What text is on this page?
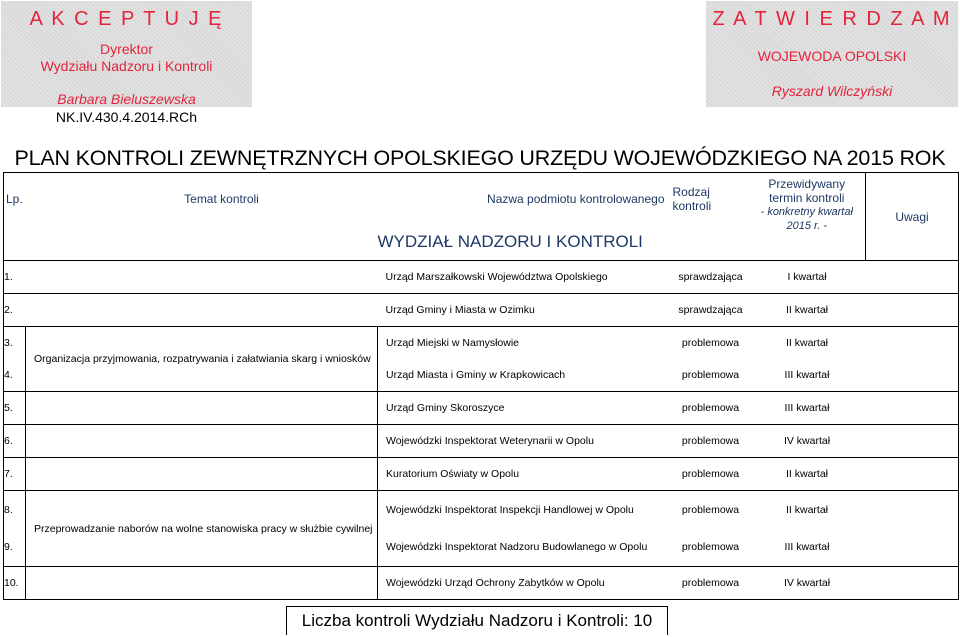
A K C E P T U J Ę
Dyrektor
Wydziału Nadzoru i Kontroli
Barbara Bieluszewska
NK.IV.430.4.2014.RCh
Z A T W I E R D Z A M
WOJEWODA OPOLSKI
Ryszard Wilczyński
PLAN KONTROLI ZEWNĘTRZNYCH OPOLSKIEGO URZĘDU WOJEWÓDZKIEGO NA 2015 ROK
Lp.	Temat kontroli	Nazwa podmiotu kontrolowanego	Rodzaj kontroli	Przewidywany
termin kontroli
- konkretny kwartał
2015 r. -	Uwagi
		WYDZIAŁ NADZORU I KONTROLI			
1.		Urząd Marszałkowski Województwa Opolskiego	sprawdzająca	I kwartał	
2.		Urząd Gminy i Miasta w Ozimku	sprawdzająca	II kwartał	
3.	Organizacja przyjmowania, rozpatrywania i załatwiania skarg i wniosków	Urząd Miejski w Namysłowie	problemowa	II kwartał	
4.		Urząd Miasta i Gminy w Krapkowicach	problemowa	III kwartał	
5.		Urząd Gminy Skoroszyce	problemowa	III kwartał	
6.		Wojewódzki Inspektorat Weterynarii w Opolu	problemowa	IV kwartał	
7.		Kuratorium Oświaty w Opolu	problemowa	II kwartał	
8.	Przeprowadzanie naborów na wolne stanowiska pracy w służbie cywilnej	Wojewódzki Inspektorat Inspekcji Handlowej w Opolu	problemowa	II kwartał	
9.		Wojewódzki Inspektorat Nadzoru Budowlanego w Opolu	problemowa	III kwartał	
10.		Wojewódzki Urząd Ochrony Zabytków w Opolu	problemowa	IV kwartał	
Liczba kontroli Wydziału Nadzoru i Kontroli: 10
